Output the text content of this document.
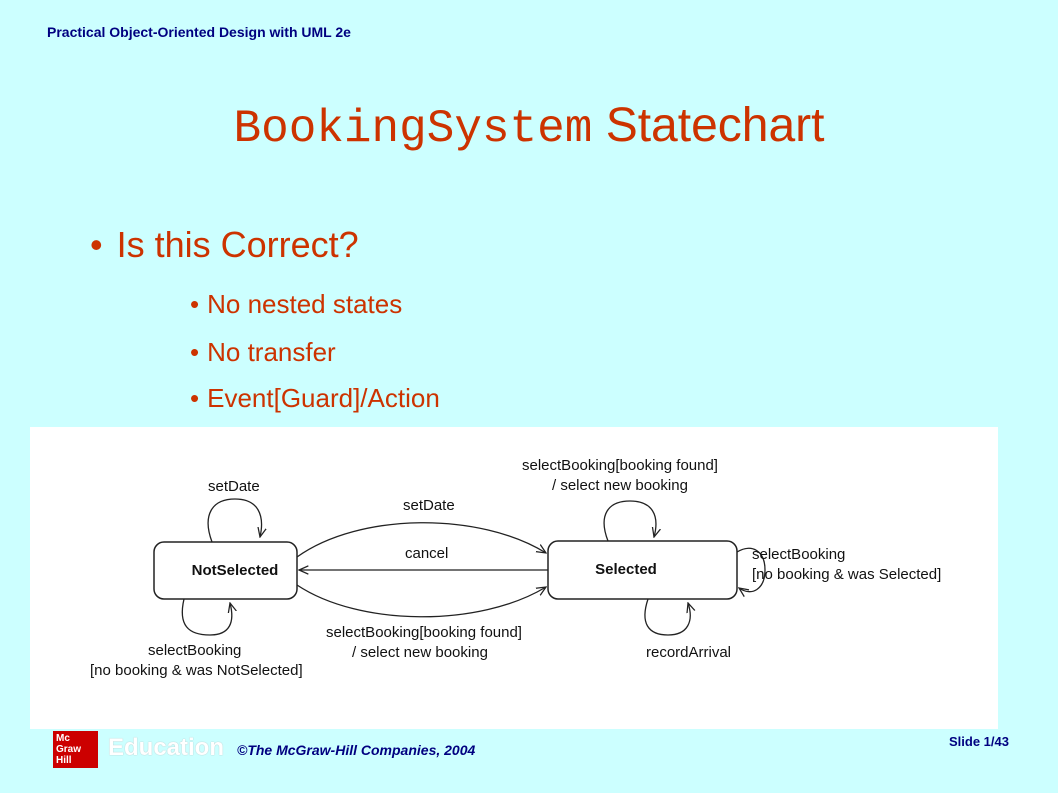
Practical Object-Oriented Design with UML 2e
BookingSystem Statechart
• Is this Correct?
• No nested states
• No transfer
• Event[Guard]/Action
NotSelected	Selected
setDate
selectBooking
[no booking & was NotSelected]
setDate
cancel
selectBooking[booking found]
/ select new booking
selectBooking[booking found]
/ select new booking
selectBooking
[no booking & was Selected]
recordArrival
Mc
Graw
Hill	Education ©The McGraw-Hill Companies, 2004
Slide 1/43
